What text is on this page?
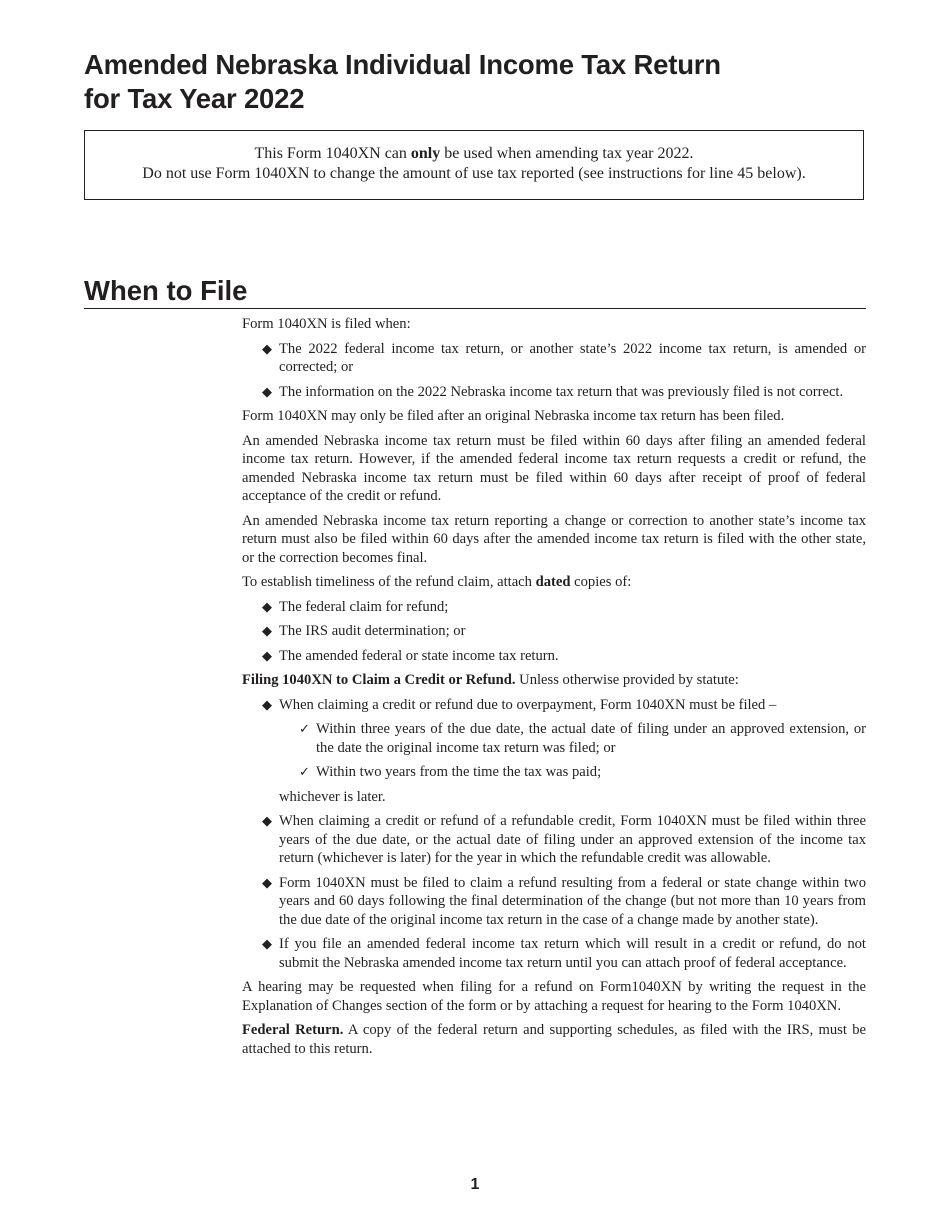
Amended Nebraska Individual Income Tax Return
for Tax Year 2022
This Form 1040XN can only be used when amending tax year 2022.
Do not use Form 1040XN to change the amount of use tax reported (see instructions for line 45 below).
When to File

Form 1040XN is filed when:

◆ The 2022 federal income tax return, or another state’s 2022 income tax return, is amended or corrected; or
◆ The information on the 2022 Nebraska income tax return that was previously filed is not correct.

Form 1040XN may only be filed after an original Nebraska income tax return has been filed.

An amended Nebraska income tax return must be filed within 60 days after filing an amended federal income tax return. However, if the amended federal income tax return requests a credit or refund, the amended Nebraska income tax return must be filed within 60 days after receipt of proof of federal acceptance of the credit or refund.

An amended Nebraska income tax return reporting a change or correction to another state’s income tax return must also be filed within 60 days after the amended income tax return is filed with the other state, or the correction becomes final.

To establish timeliness of the refund claim, attach dated copies of:

◆ The federal claim for refund;
◆ The IRS audit determination; or
◆ The amended federal or state income tax return.

Filing 1040XN to Claim a Credit or Refund. Unless otherwise provided by statute:

◆ When claiming a credit or refund due to overpayment, Form 1040XN must be filed –
✓ Within three years of the due date, the actual date of filing under an approved extension, or the date the original income tax return was filed; or
✓ Within two years from the time the tax was paid;
whichever is later.
◆ When claiming a credit or refund of a refundable credit, Form 1040XN must be filed within three years of the due date, or the actual date of filing under an approved extension of the income tax return (whichever is later) for the year in which the refundable credit was allowable.
◆ Form 1040XN must be filed to claim a refund resulting from a federal or state change within two years and 60 days following the final determination of the change (but not more than 10 years from the due date of the original income tax return in the case of a change made by another state).
◆ If you file an amended federal income tax return which will result in a credit or refund, do not submit the Nebraska amended income tax return until you can attach proof of federal acceptance.

A hearing may be requested when filing for a refund on Form1040XN by writing the request in the Explanation of Changes section of the form or by attaching a request for hearing to the Form 1040XN.

Federal Return. A copy of the federal return and supporting schedules, as filed with the IRS, must be attached to this return.

1
